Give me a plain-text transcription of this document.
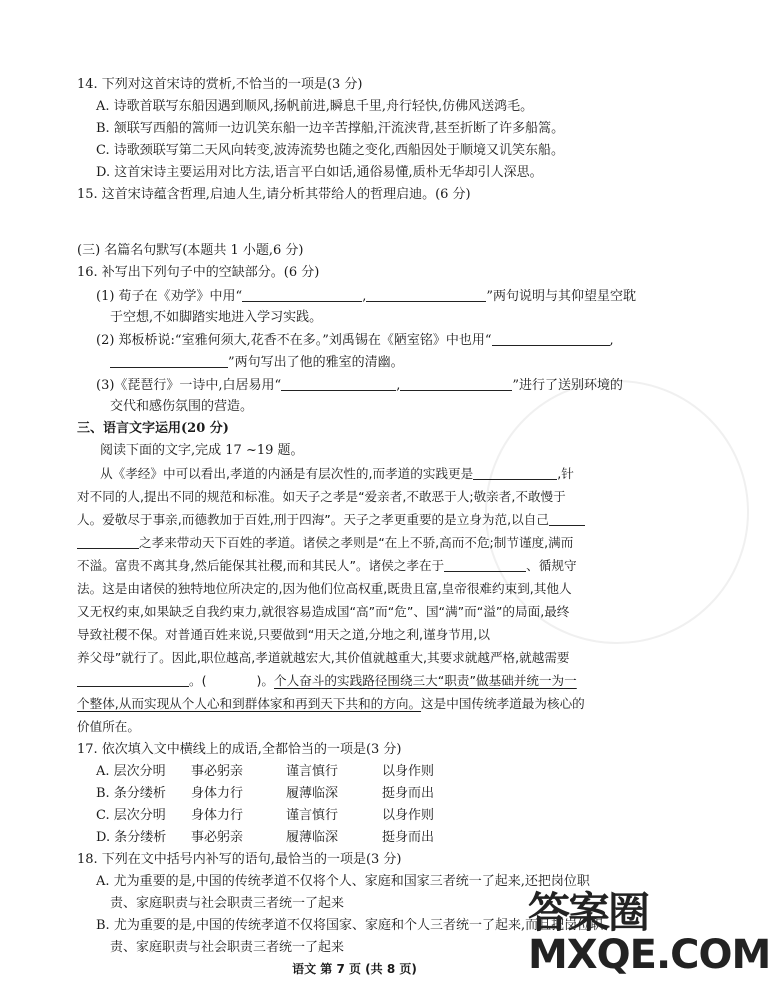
14. 下列对这首宋诗的赏析,不恰当的一项是(3 分)
A. 诗歌首联写东船因遇到顺风,扬帆前进,瞬息千里,舟行轻快,仿佛风送鸿毛。
B. 颔联写西船的篙师一边讥笑东船一边辛苦撑船,汗流浃背,甚至折断了许多船篙。
C. 诗歌颈联写第二天风向转变,波涛流势也随之变化,西船因处于顺境又讥笑东船。
D. 这首宋诗主要运用对比方法,语言平白如话,通俗易懂,质朴无华却引人深思。
15. 这首宋诗蕴含哲理,启迪人生,请分析其带给人的哲理启迪。(6 分)
(三) 名篇名句默写(本题共 1 小题,6 分)
16. 补写出下列句子中的空缺部分。(6 分)
(1) 荀子在《劝学》中用“	,	”两句说明与其仰望星空耽
于空想,不如脚踏实地进入学习实践。
(2) 郑板桥说:“室雅何须大,花香不在多。”刘禹锡在《陋室铭》中也用“	,
”两句写出了他的雅室的清幽。
(3)《琵琶行》一诗中,白居易用“	,	”进行了送别环境的
交代和感伤氛围的营造。
三、语言文字运用(20 分)
阅读下面的文字,完成 17 ~19 题。
从《孝经》中可以看出,孝道的内涵是有层次性的,而孝道的实践更是	,针
对不同的人,提出不同的规范和标准。如天子之孝是“爱亲者,不敢恶于人;敬亲者,不敢慢于
人。爱敬尽于事亲,而德教加于百姓,刑于四海”。天子之孝更重要的是立身为范,以自己
之孝来带动天下百姓的孝道。诸侯之孝则是“在上不骄,高而不危;制节谨度,满而
不溢。富贵不离其身,然后能保其社稷,而和其民人”。诸侯之孝在于	、循规守
法。这是由诸侯的独特地位所决定的,因为他们位高权重,既贵且富,皇帝很难约束到,其他人
又无权约束,如果缺乏自我约束力,就很容易造成国“高”而“危”、国“满”而“溢”的局面,最终
导致社稷不保。对普通百姓来说,只要做到“用天之道,分地之利,谨身节用,以
养父母”就行了。因此,职位越高,孝道就越宏大,其价值就越重大,其要求就越严格,就越需要
。(	)。个人奋斗的实践路径围绕三大“职责”做基础并统一为一
个整体,从而实现从个人心和到群体家和再到天下共和的方向。这是中国传统孝道最为核心的
价值所在。
17. 依次填入文中横线上的成语,全都恰当的一项是(3 分)
A. 层次分明 事必躬亲	谨言慎行	以身作则
B. 条分缕析 身体力行	履薄临深	挺身而出
C. 层次分明 身体力行	谨言慎行	以身作则
D. 条分缕析 事必躬亲	履薄临深	挺身而出
18. 下列在文中括号内补写的语句,最恰当的一项是(3 分)
A. 尤为重要的是,中国的传统孝道不仅将个人、家庭和国家三者统一了起来,还把岗位职
责、家庭职责与社会职责三者统一了起来
B. 尤为重要的是,中国的传统孝道不仅将国家、家庭和个人三者统一了起来,而且把岗位职
责、家庭职责与社会职责三者统一了起来
语文 第 7 页 (共 8 页)
答案圈
MXQE.COM
